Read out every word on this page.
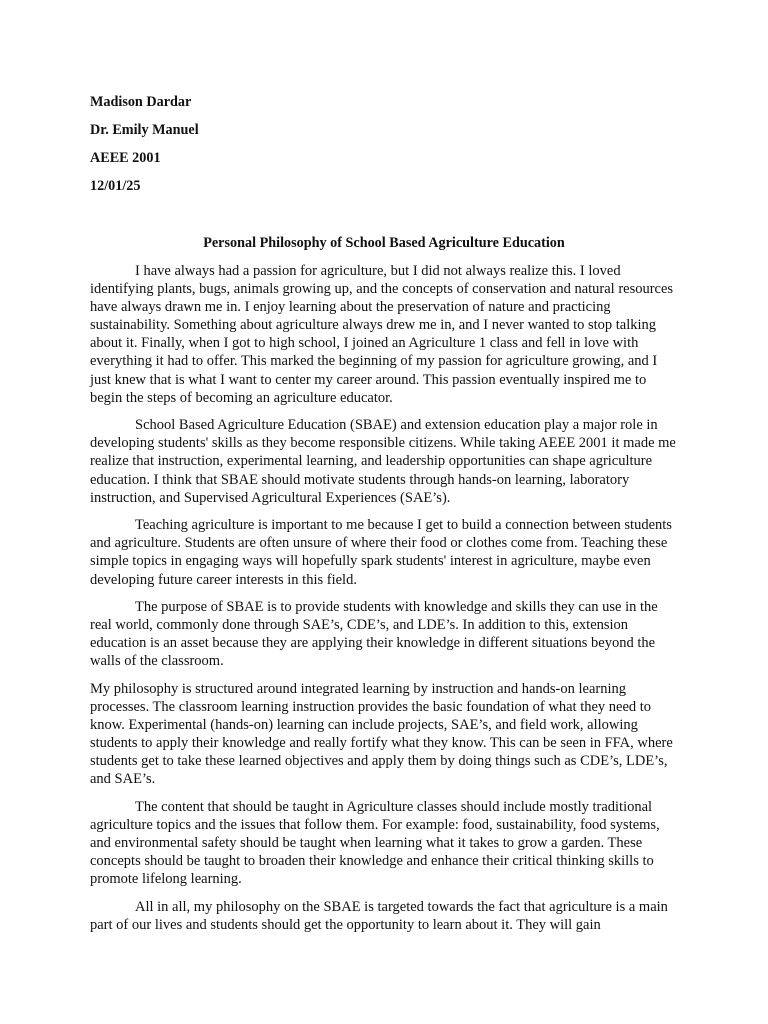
Madison Dardar
Dr. Emily Manuel
AEEE 2001
12/01/25
Personal Philosophy of School Based Agriculture Education

I have always had a passion for agriculture, but I did not always realize this. I loved identifying plants, bugs, animals growing up, and the concepts of conservation and natural resources have always drawn me in. I enjoy learning about the preservation of nature and practicing sustainability. Something about agriculture always drew me in, and I never wanted to stop talking about it. Finally, when I got to high school, I joined an Agriculture 1 class and fell in love with everything it had to offer. This marked the beginning of my passion for agriculture growing, and I just knew that is what I want to center my career around. This passion eventually inspired me to begin the steps of becoming an agriculture educator.

School Based Agriculture Education (SBAE) and extension education play a major role in developing students' skills as they become responsible citizens. While taking AEEE 2001 it made me realize that instruction, experimental learning, and leadership opportunities can shape agriculture education. I think that SBAE should motivate students through hands-on learning, laboratory instruction, and Supervised Agricultural Experiences (SAE’s).

Teaching agriculture is important to me because I get to build a connection between students and agriculture. Students are often unsure of where their food or clothes come from. Teaching these simple topics in engaging ways will hopefully spark students' interest in agriculture, maybe even developing future career interests in this field.

The purpose of SBAE is to provide students with knowledge and skills they can use in the real world, commonly done through SAE’s, CDE’s, and LDE’s. In addition to this, extension education is an asset because they are applying their knowledge in different situations beyond the walls of the classroom.

My philosophy is structured around integrated learning by instruction and hands-on learning processes. The classroom learning instruction provides the basic foundation of what they need to know. Experimental (hands-on) learning can include projects, SAE’s, and field work, allowing students to apply their knowledge and really fortify what they know. This can be seen in FFA, where students get to take these learned objectives and apply them by doing things such as CDE’s, LDE’s, and SAE’s.

The content that should be taught in Agriculture classes should include mostly traditional agriculture topics and the issues that follow them. For example: food, sustainability, food systems, and environmental safety should be taught when learning what it takes to grow a garden. These concepts should be taught to broaden their knowledge and enhance their critical thinking skills to promote lifelong learning.

All in all, my philosophy on the SBAE is targeted towards the fact that agriculture is a main part of our lives and students should get the opportunity to learn about it. They will gain
